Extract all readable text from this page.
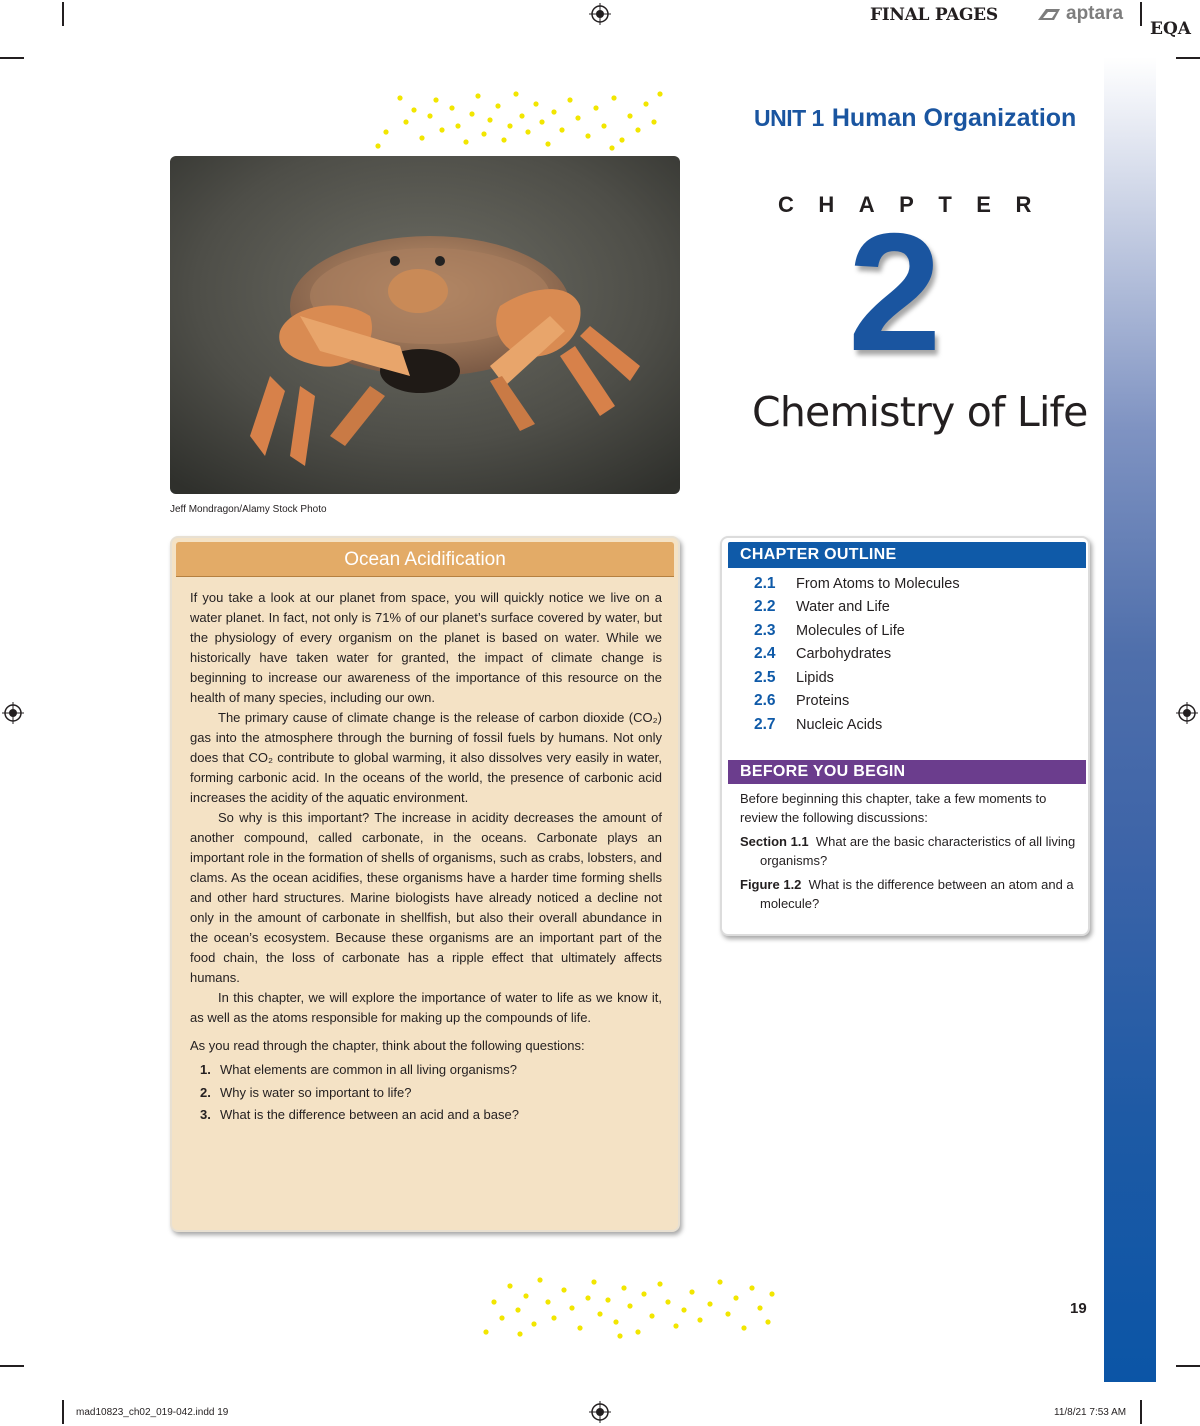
FINAL PAGES	aptara
EQA
UNIT 1 Human Organization
CHAPTER
2
Chemistry of Life
Jeff Mondragon/Alamy Stock Photo
Ocean Acidification

If you take a look at our planet from space, you will quickly notice we live on a water planet. In fact, not only is 71% of our planet’s surface covered by water, but the physiology of every organism on the planet is based on water. While we historically have taken water for granted, the impact of climate change is beginning to increase our awareness of the importance of this resource on the health of many species, including our own.

The primary cause of climate change is the release of carbon dioxide (CO₂) gas into the atmosphere through the burning of fossil fuels by humans. Not only does that CO₂ contribute to global warming, it also dissolves very easily in water, forming carbonic acid. In the oceans of the world, the presence of carbonic acid increases the acidity of the aquatic environment.

So why is this important? The increase in acidity decreases the amount of another compound, called carbonate, in the oceans. Carbonate plays an important role in the formation of shells of organisms, such as crabs, lobsters, and clams. As the ocean acidifies, these organisms have a harder time forming shells and other hard structures. Marine biologists have already noticed a decline not only in the amount of carbonate in shellfish, but also their overall abundance in the ocean’s ecosystem. Because these organisms are an important part of the food chain, the loss of carbonate has a ripple effect that ultimately affects humans.

In this chapter, we will explore the importance of water to life as we know it, as well as the atoms responsible for making up the compounds of life.

As you read through the chapter, think about the following questions:

1. What elements are common in all living organisms?
2. Why is water so important to life?
3. What is the difference between an acid and a base?
CHAPTER OUTLINE
2.1	From Atoms to Molecules
2.2	Water and Life
2.3	Molecules of Life
2.4	Carbohydrates
2.5	Lipids
2.6	Proteins
2.7	Nucleic Acids
BEFORE YOU BEGIN

Before beginning this chapter, take a few moments to review the following discussions:

Section 1.1 What are the basic characteristics of all living organisms?

Figure 1.2 What is the difference between an atom and a molecule?

19
mad10823_ch02_019-042.indd 19	11/8/21 7:53 AM
